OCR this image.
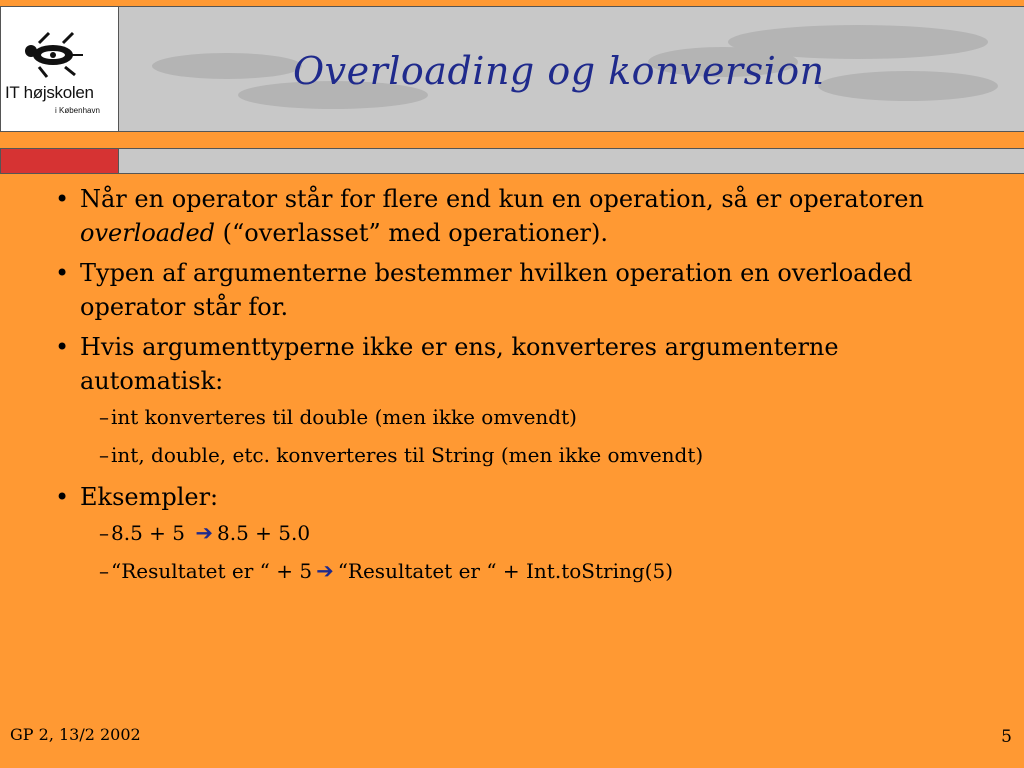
Overloading og konversion
IT højskolen
i København
• Når en operator står for flere end kun en operation, så er operatoren overloaded (“overlasset” med operationer).
• Typen af argumenterne bestemmer hvilken operation en overloaded operator står for.
• Hvis argumenttyperne ikke er ens, konverteres argumenterne automatisk:
– int konverteres til double (men ikke omvendt)
– int, double, etc. konverteres til String (men ikke omvendt)
• Eksempler:
– 8.5 + 5 ➔ 8.5 + 5.0
– “Resultatet er “ + 5 ➔ “Resultatet er “ + Int.toString(5)
GP 2, 13/2 2002	5
